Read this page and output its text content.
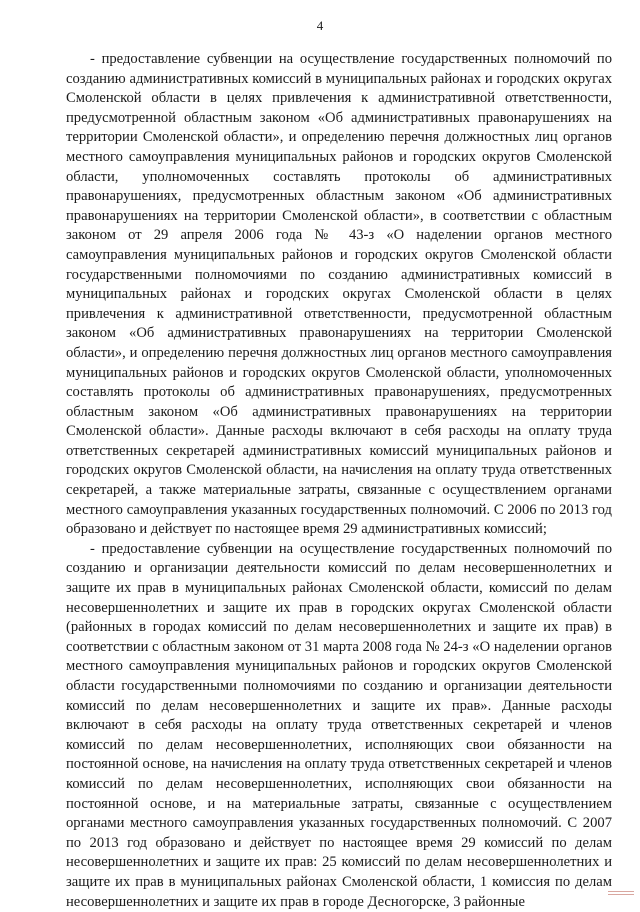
4

- предоставление субвенции на осуществление государственных полномочий по созданию административных комиссий в муниципальных районах и городских округах Смоленской области в целях привлечения к административной ответственности, предусмотренной областным законом «Об административных правонарушениях на территории Смоленской области», и определению перечня должностных лиц органов местного самоуправления муниципальных районов и городских округов Смоленской области, уполномоченных составлять протоколы об административных правонарушениях, предусмотренных областным законом «Об административных правонарушениях на территории Смоленской области», в соответствии с областным законом от 29 апреля 2006 года № 43-з «О наделении органов местного самоуправления муниципальных районов и городских округов Смоленской области государственными полномочиями по созданию административных комиссий в муниципальных районах и городских округах Смоленской области в целях привлечения к административной ответственности, предусмотренной областным законом «Об административных правонарушениях на территории Смоленской области», и определению перечня должностных лиц органов местного самоуправления муниципальных районов и городских округов Смоленской области, уполномоченных составлять протоколы об административных правонарушениях, предусмотренных областным законом «Об административных правонарушениях на территории Смоленской области». Данные расходы включают в себя расходы на оплату труда ответственных секретарей административных комиссий муниципальных районов и городских округов Смоленской области, на начисления на оплату труда ответственных секретарей, а также материальные затраты, связанные с осуществлением органами местного самоуправления указанных государственных полномочий. С 2006 по 2013 год образовано и действует по настоящее время 29 административных комиссий;

- предоставление субвенции на осуществление государственных полномочий по созданию и организации деятельности комиссий по делам несовершеннолетних и защите их прав в муниципальных районах Смоленской области, комиссий по делам несовершеннолетних и защите их прав в городских округах Смоленской области (районных в городах комиссий по делам несовершеннолетних и защите их прав) в соответствии с областным законом от 31 марта 2008 года № 24-з «О наделении органов местного самоуправления муниципальных районов и городских округов Смоленской области государственными полномочиями по созданию и организации деятельности комиссий по делам несовершеннолетних и защите их прав». Данные расходы включают в себя расходы на оплату труда ответственных секретарей и членов комиссий по делам несовершеннолетних, исполняющих свои обязанности на постоянной основе, на начисления на оплату труда ответственных секретарей и членов комиссий по делам несовершеннолетних, исполняющих свои обязанности на постоянной основе, и на материальные затраты, связанные с осуществлением органами местного самоуправления указанных государственных полномочий. С 2007 по 2013 год образовано и действует по настоящее время 29 комиссий по делам несовершеннолетних и защите их прав: 25 комиссий по делам несовершеннолетних и защите их прав в муниципальных районах Смоленской области, 1 комиссия по делам несовершеннолетних и защите их прав в городе Десногорске, 3 районные
